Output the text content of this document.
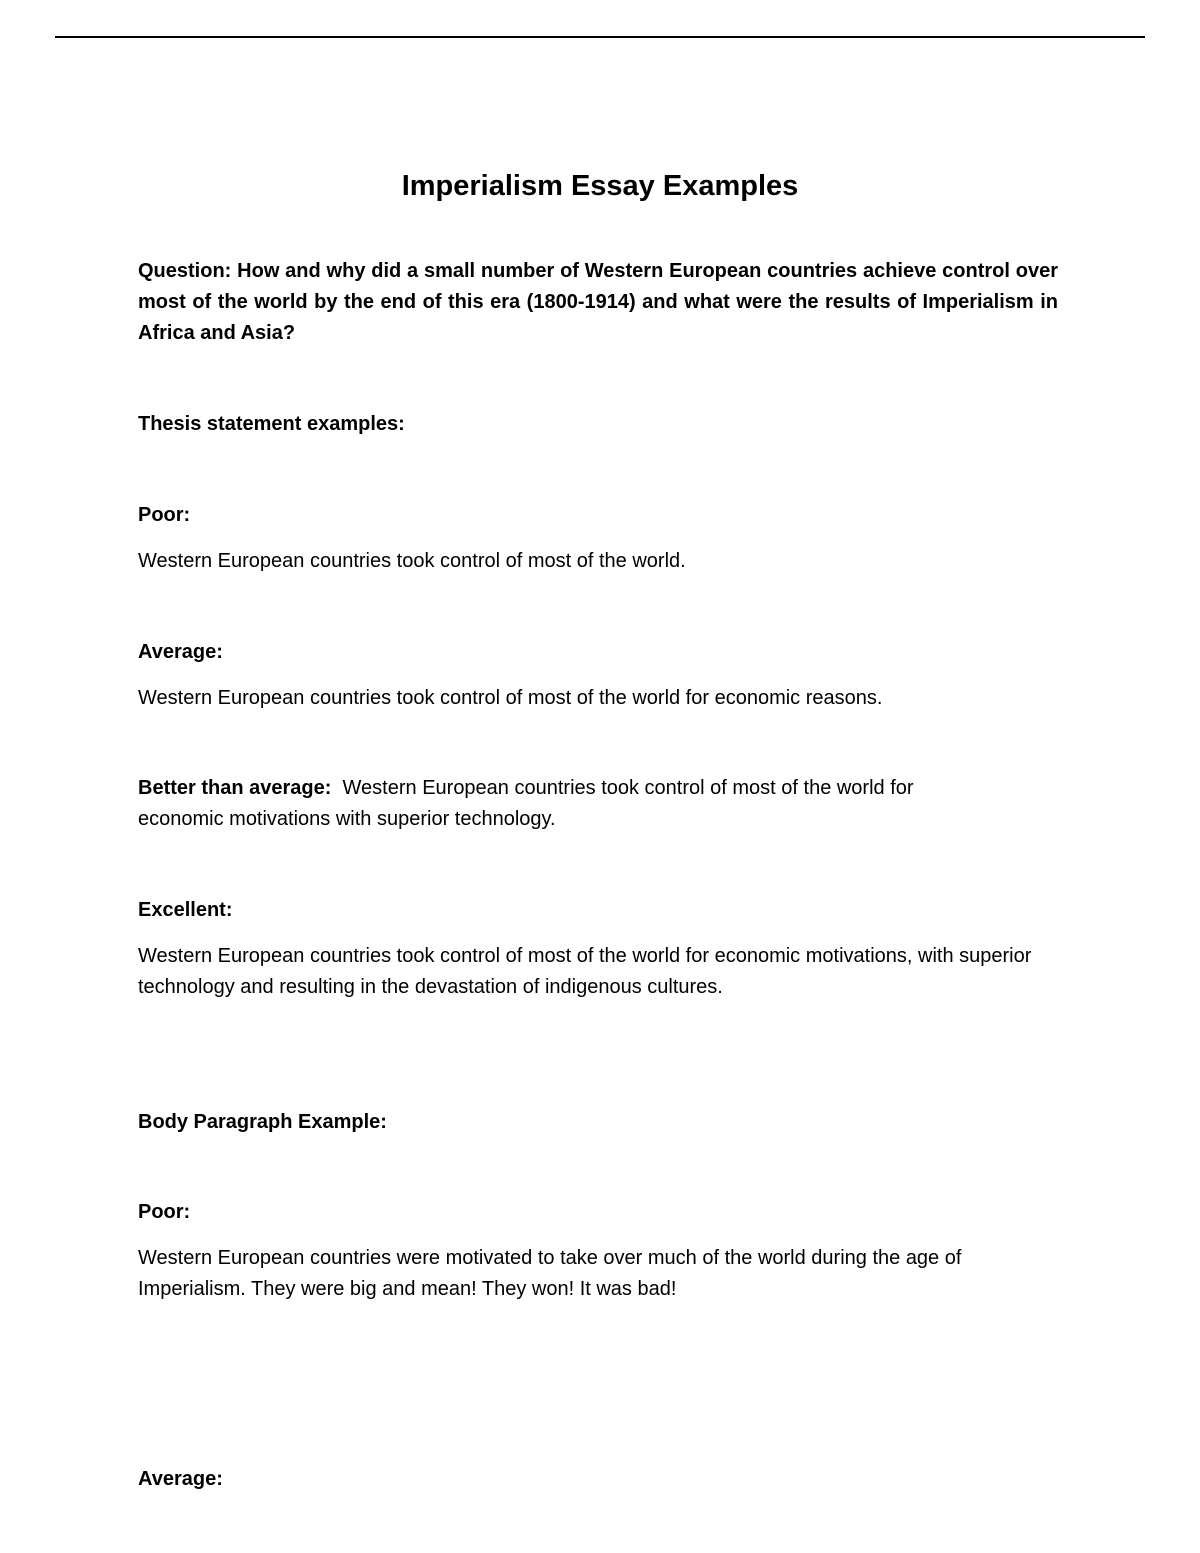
Imperialism Essay Examples

Question: How and why did a small number of Western European countries achieve control over most of the world by the end of this era (1800-1914) and what were the results of Imperialism in Africa and Asia?

Thesis statement examples:

Poor:

Western European countries took control of most of the world.

Average:

Western European countries took control of most of the world for economic reasons.

Better than average: Western European countries took control of most of the world for economic motivations with superior technology.

Excellent:

Western European countries took control of most of the world for economic motivations, with superior technology and resulting in the devastation of indigenous cultures.

Body Paragraph Example:

Poor:

Western European countries were motivated to take over much of the world during the age of Imperialism. They were big and mean! They won! It was bad!

Average:
